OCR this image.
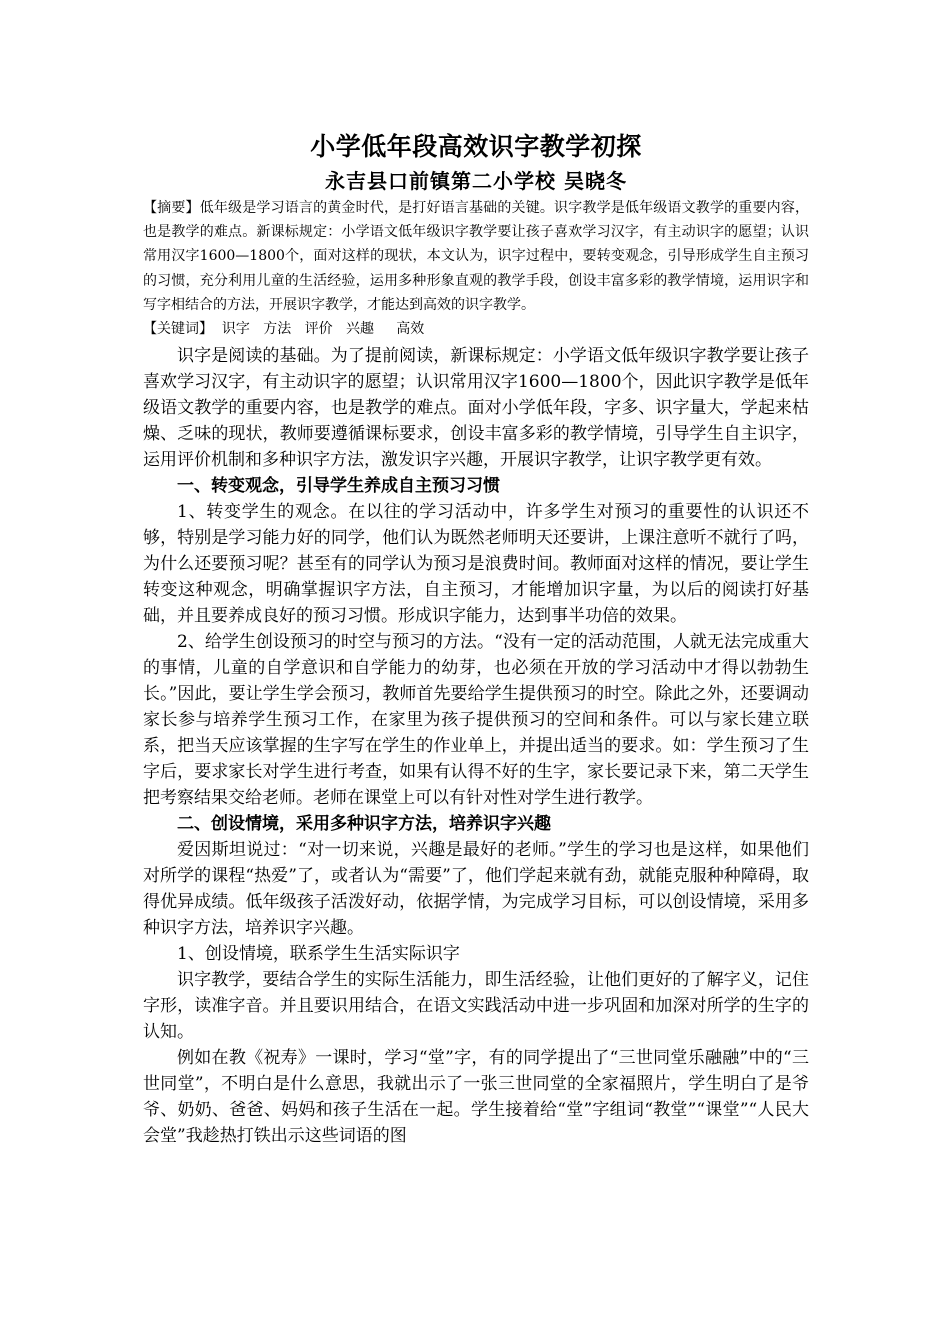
小学低年段高效识字教学初探
永吉县口前镇第二小学校 吴晓冬

【摘要】低年级是学习语言的黄金时代，是打好语言基础的关键。识字教学是低年级语文教学的重要内容，也是教学的难点。新课标规定：小学语文低年级识字教学要让孩子喜欢学习汉字，有主动识字的愿望；认识常用汉字1600—1800个，面对这样的现状，本文认为，识字过程中，要转变观念，引导形成学生自主预习的习惯，充分利用儿童的生活经验，运用多种形象直观的教学手段，创设丰富多彩的教学情境，运用识字和写字相结合的方法，开展识字教学，才能达到高效的识字教学。

【关键词】  识字   方法   评价   兴趣     高效

识字是阅读的基础。为了提前阅读，新课标规定：小学语文低年级识字教学要让孩子喜欢学习汉字，有主动识字的愿望；认识常用汉字1600—1800个，因此识字教学是低年级语文教学的重要内容，也是教学的难点。面对小学低年段，字多、识字量大，学起来枯燥、乏味的现状，教师要遵循课标要求，创设丰富多彩的教学情境，引导学生自主识字，运用评价机制和多种识字方法，激发识字兴趣，开展识字教学，让识字教学更有效。

一、转变观念，引导学生养成自主预习习惯

1、转变学生的观念。在以往的学习活动中，许多学生对预习的重要性的认识还不够，特别是学习能力好的同学，他们认为既然老师明天还要讲，上课注意听不就行了吗，为什么还要预习呢？甚至有的同学认为预习是浪费时间。教师面对这样的情况，要让学生转变这种观念，明确掌握识字方法，自主预习，才能增加识字量，为以后的阅读打好基础，并且要养成良好的预习习惯。形成识字能力，达到事半功倍的效果。

2、给学生创设预习的时空与预习的方法。“没有一定的活动范围，人就无法完成重大的事情，儿童的自学意识和自学能力的幼芽，也必须在开放的学习活动中才得以勃勃生长。”因此，要让学生学会预习，教师首先要给学生提供预习的时空。除此之外，还要调动家长参与培养学生预习工作，在家里为孩子提供预习的空间和条件。可以与家长建立联系，把当天应该掌握的生字写在学生的作业单上，并提出适当的要求。如：学生预习了生字后，要求家长对学生进行考查，如果有认得不好的生字，家长要记录下来，第二天学生把考察结果交给老师。老师在课堂上可以有针对性对学生进行教学。

二、创设情境，采用多种识字方法，培养识字兴趣

爱因斯坦说过：“对一切来说，兴趣是最好的老师。”学生的学习也是这样，如果他们对所学的课程“热爱”了，或者认为“需要”了，他们学起来就有劲，就能克服种种障碍，取得优异成绩。低年级孩子活泼好动，依据学情，为完成学习目标，可以创设情境，采用多种识字方法，培养识字兴趣。

1、创设情境，联系学生生活实际识字

识字教学，要结合学生的实际生活能力，即生活经验，让他们更好的了解字义，记住字形，读准字音。并且要识用结合，在语文实践活动中进一步巩固和加深对所学的生字的认知。

例如在教《祝寿》一课时，学习“堂”字，有的同学提出了“三世同堂乐融融”中的“三世同堂”，不明白是什么意思，我就出示了一张三世同堂的全家福照片，学生明白了是爷爷、奶奶、爸爸、妈妈和孩子生活在一起。学生接着给“堂”字组词“教堂”“课堂”“人民大会堂”我趁热打铁出示这些词语的图
